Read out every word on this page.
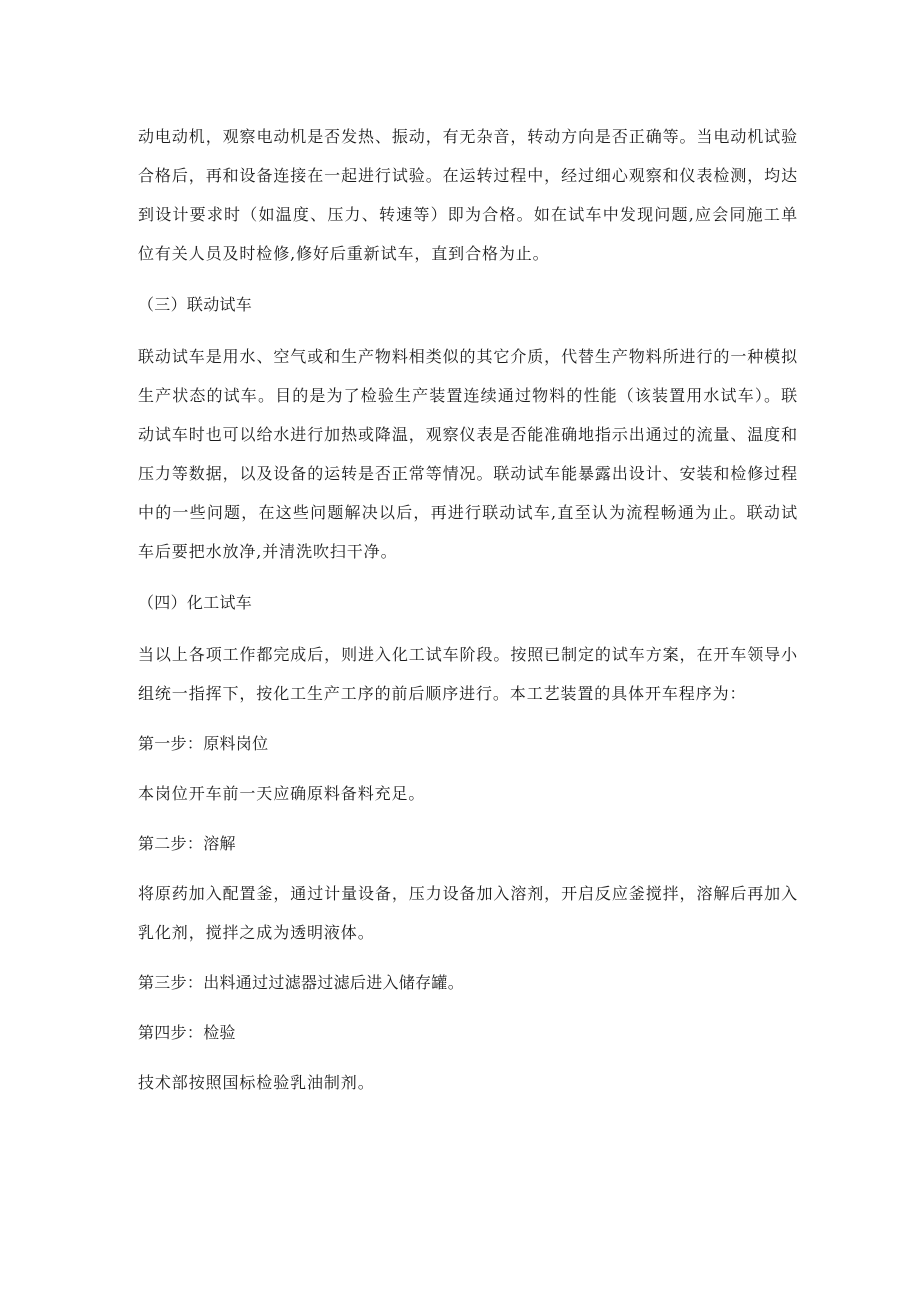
动电动机，观察电动机是否发热、振动，有无杂音，转动方向是否正确等。当电动机试验合格后，再和设备连接在一起进行试验。在运转过程中，经过细心观察和仪表检测，均达到设计要求时（如温度、压力、转速等）即为合格。如在试车中发现问题,应会同施工单位有关人员及时检修,修好后重新试车，直到合格为止。

（三）联动试车

联动试车是用水、空气或和生产物料相类似的其它介质，代替生产物料所进行的一种模拟生产状态的试车。目的是为了检验生产装置连续通过物料的性能（该装置用水试车）。联动试车时也可以给水进行加热或降温，观察仪表是否能准确地指示出通过的流量、温度和压力等数据，以及设备的运转是否正常等情况。联动试车能暴露出设计、安装和检修过程中的一些问题，在这些问题解决以后，再进行联动试车,直至认为流程畅通为止。联动试车后要把水放净,并清洗吹扫干净。

（四）化工试车

当以上各项工作都完成后，则进入化工试车阶段。按照已制定的试车方案，在开车领导小组统一指挥下，按化工生产工序的前后顺序进行。本工艺装置的具体开车程序为：

第一步：原料岗位

本岗位开车前一天应确原料备料充足。

第二步：溶解

将原药加入配置釜，通过计量设备，压力设备加入溶剂，开启反应釜搅拌，溶解后再加入乳化剂，搅拌之成为透明液体。

第三步：出料通过过滤器过滤后进入储存罐。

第四步：检验

技术部按照国标检验乳油制剂。
